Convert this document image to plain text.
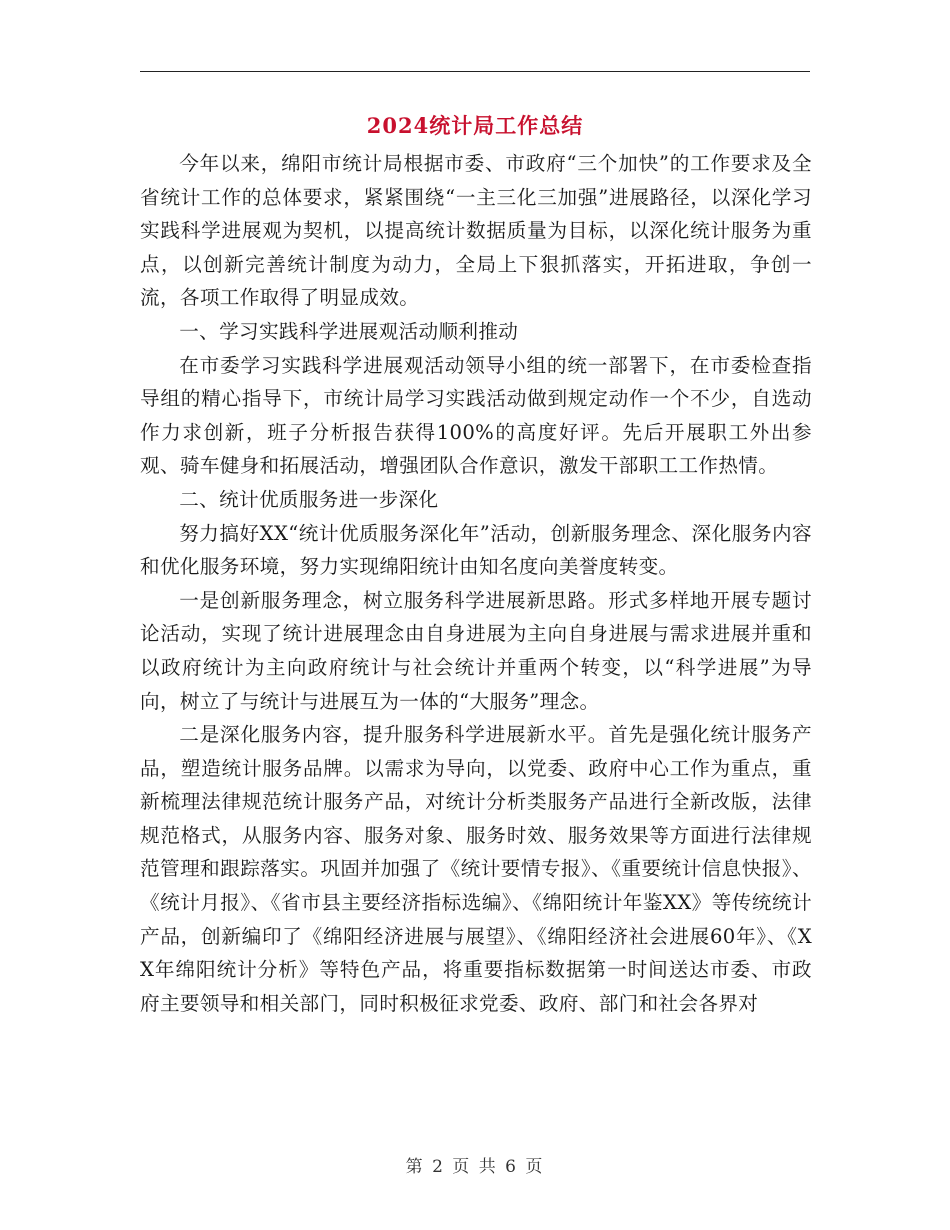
2024统计局工作总结

今年以来，绵阳市统计局根据市委、市政府“三个加快”的工作要求及全省统计工作的总体要求，紧紧围绕“一主三化三加强”进展路径，以深化学习实践科学进展观为契机，以提高统计数据质量为目标，以深化统计服务为重点，以创新完善统计制度为动力，全局上下狠抓落实，开拓进取，争创一流，各项工作取得了明显成效。

一、学习实践科学进展观活动顺利推动

在市委学习实践科学进展观活动领导小组的统一部署下，在市委检查指导组的精心指导下，市统计局学习实践活动做到规定动作一个不少，自选动作力求创新，班子分析报告获得100%的高度好评。先后开展职工外出参观、骑车健身和拓展活动，增强团队合作意识，激发干部职工工作热情。

二、统计优质服务进一步深化

努力搞好XX“统计优质服务深化年”活动，创新服务理念、深化服务内容和优化服务环境，努力实现绵阳统计由知名度向美誉度转变。

一是创新服务理念，树立服务科学进展新思路。形式多样地开展专题讨论活动，实现了统计进展理念由自身进展为主向自身进展与需求进展并重和以政府统计为主向政府统计与社会统计并重两个转变，以“科学进展”为导向，树立了与统计与进展互为一体的“大服务”理念。

二是深化服务内容，提升服务科学进展新水平。首先是强化统计服务产品，塑造统计服务品牌。以需求为导向，以党委、政府中心工作为重点，重新梳理法律规范统计服务产品，对统计分析类服务产品进行全新改版，法律规范格式，从服务内容、服务对象、服务时效、服务效果等方面进行法律规范管理和跟踪落实。巩固并加强了《统计要情专报》、《重要统计信息快报》、《统计月报》、《省市县主要经济指标选编》、《绵阳统计年鉴XX》等传统统计产品，创新编印了《绵阳经济进展与展望》、《绵阳经济社会进展60年》、《XX年绵阳统计分析》等特色产品，将重要指标数据第一时间送达市委、市政府主要领导和相关部门，同时积极征求党委、政府、部门和社会各界对

第 2 页 共 6 页
